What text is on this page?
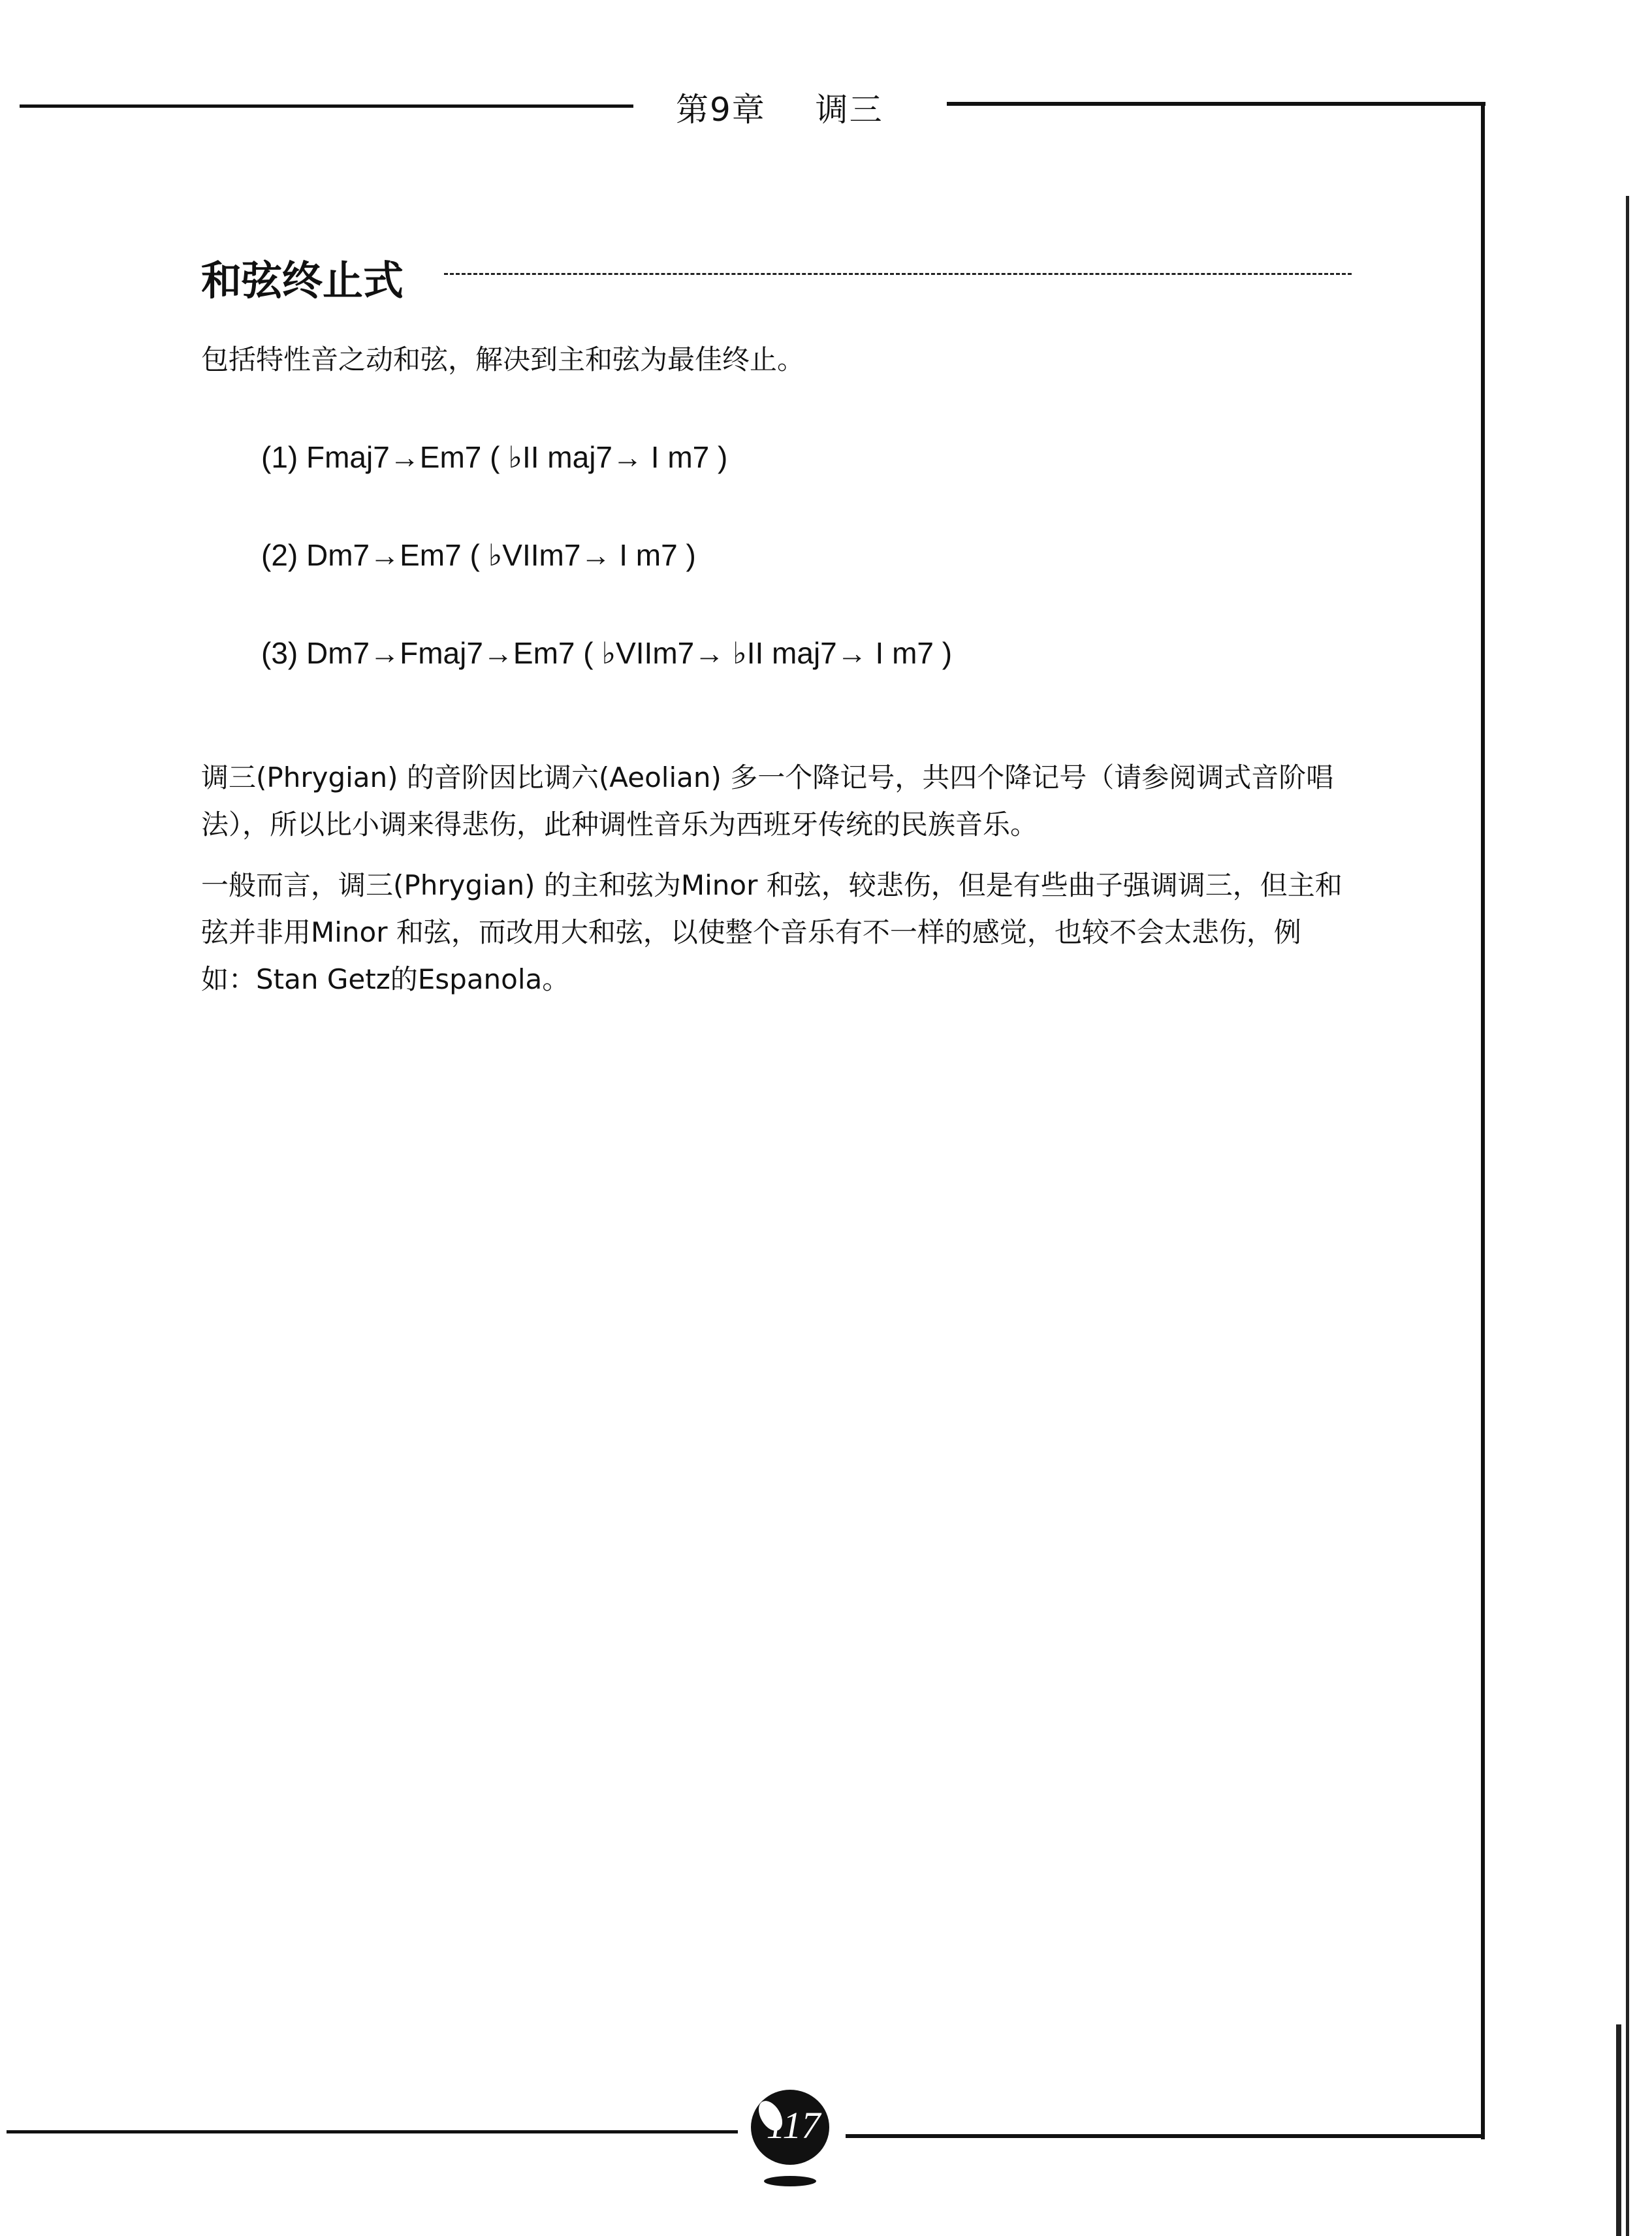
第9章 调三
和弦终止式
包括特性音之动和弦，解决到主和弦为最佳终止。
(1) Fmaj7→Em7 ( ♭II maj7→ I m7 )
(2) Dm7→Em7 ( ♭VIIm7→ I m7 )
(3) Dm7→Fmaj7→Em7 ( ♭VIIm7→ ♭II maj7→ I m7 )
调三(Phrygian) 的音阶因比调六(Aeolian) 多一个降记号，共四个降记号（请参阅调式音阶唱法），所以比小调来得悲伤，此种调性音乐为西班牙传统的民族音乐。
一般而言，调三(Phrygian) 的主和弦为Minor 和弦，较悲伤，但是有些曲子强调调三，但主和弦并非用Minor 和弦，而改用大和弦，以使整个音乐有不一样的感觉，也较不会太悲伤，例如：Stan Getz的Espanola。
117
